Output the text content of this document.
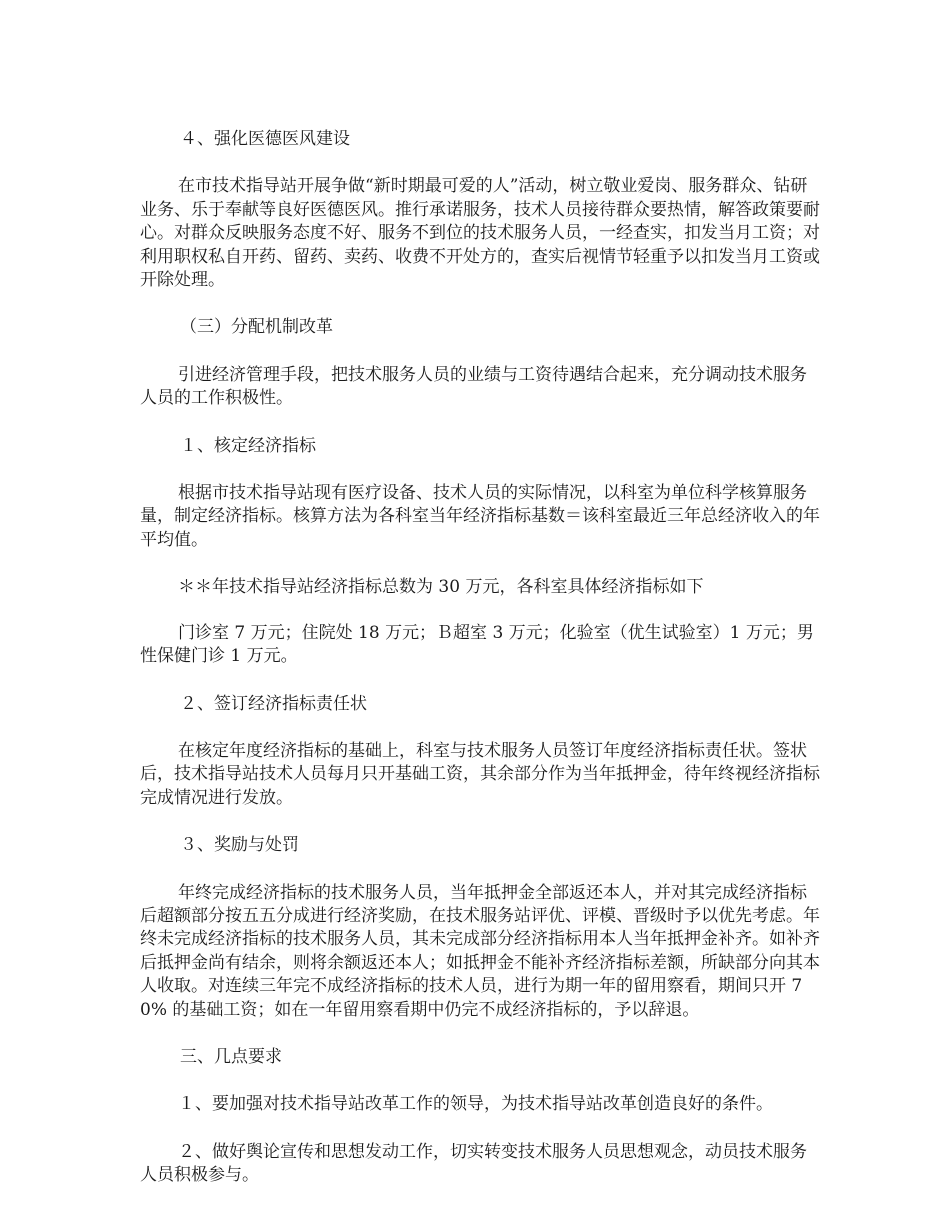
４、强化医德医风建设

在市技术指导站开展争做“新时期最可爱的人”活动，树立敬业爱岗、服务群众、钻研业务、乐于奉献等良好医德医风。推行承诺服务，技术人员接待群众要热情，解答政策要耐心。对群众反映服务态度不好、服务不到位的技术服务人员，一经查实，扣发当月工资；对利用职权私自开药、留药、卖药、收费不开处方的，查实后视情节轻重予以扣发当月工资或开除处理。

（三）分配机制改革

引进经济管理手段，把技术服务人员的业绩与工资待遇结合起来，充分调动技术服务人员的工作积极性。

１、核定经济指标

根据市技术指导站现有医疗设备、技术人员的实际情况，以科室为单位科学核算服务量，制定经济指标。核算方法为各科室当年经济指标基数＝该科室最近三年总经济收入的年平均值。

＊＊年技术指导站经济指标总数为 30 万元，各科室具体经济指标如下

门诊室 7 万元；住院处 18 万元；Ｂ超室 3 万元；化验室（优生试验室）1 万元；男性保健门诊 1 万元。

２、签订经济指标责任状

在核定年度经济指标的基础上，科室与技术服务人员签订年度经济指标责任状。签状后，技术指导站技术人员每月只开基础工资，其余部分作为当年抵押金，待年终视经济指标完成情况进行发放。

３、奖励与处罚

年终完成经济指标的技术服务人员，当年抵押金全部返还本人，并对其完成经济指标后超额部分按五五分成进行经济奖励，在技术服务站评优、评模、晋级时予以优先考虑。年终未完成经济指标的技术服务人员，其未完成部分经济指标用本人当年抵押金补齐。如补齐后抵押金尚有结余，则将余额返还本人；如抵押金不能补齐经济指标差额，所缺部分向其本人收取。对连续三年完不成经济指标的技术人员，进行为期一年的留用察看，期间只开 70% 的基础工资；如在一年留用察看期中仍完不成经济指标的，予以辞退。

三、几点要求

１、要加强对技术指导站改革工作的领导，为技术指导站改革创造良好的条件。

２、做好舆论宣传和思想发动工作，切实转变技术服务人员思想观念，动员技术服务人员积极参与。
